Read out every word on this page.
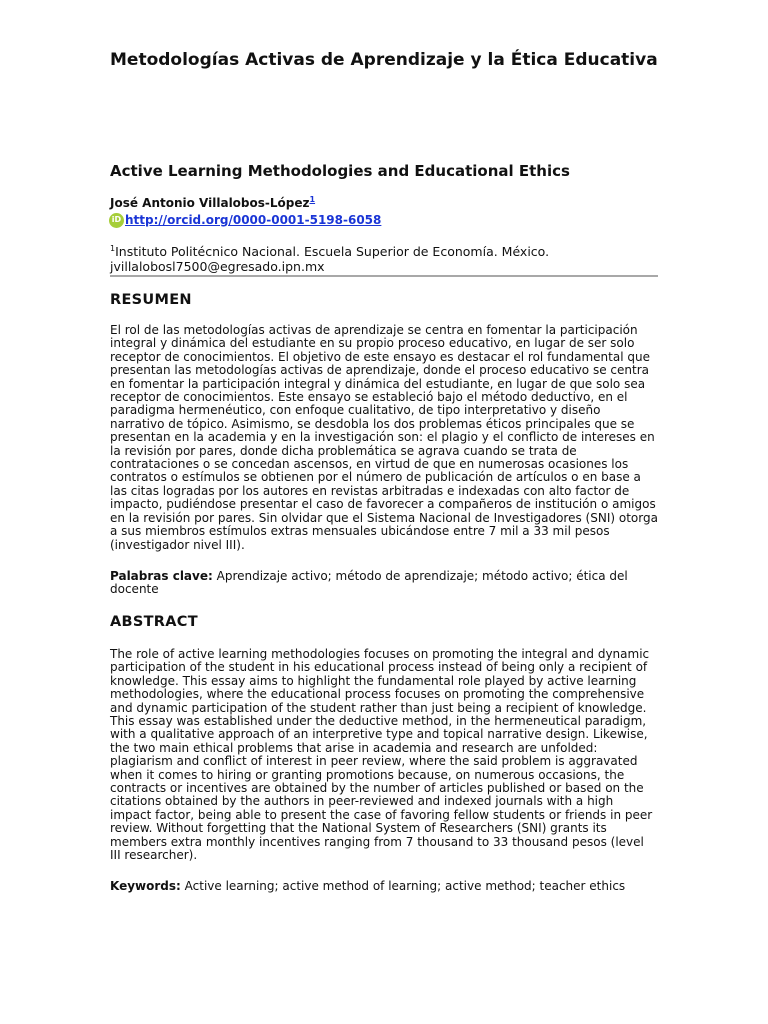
Metodologías Activas de Aprendizaje y la Ética Educativa
Active Learning Methodologies and Educational Ethics
José Antonio Villalobos-López$^1$
iD http://orcid.org/0000-0001-5198-6058
$^1$Instituto Politécnico Nacional. Escuela Superior de Economía. México.
jvillalobosl7500@egresado.ipn.mx
RESUMEN

El rol de las metodologías activas de aprendizaje se centra en fomentar la participación integral y dinámica del estudiante en su propio proceso educativo, en lugar de ser solo receptor de conocimientos. El objetivo de este ensayo es destacar el rol fundamental que presentan las metodologías activas de aprendizaje, donde el proceso educativo se centra en fomentar la participación integral y dinámica del estudiante, en lugar de que solo sea receptor de conocimientos. Este ensayo se estableció bajo el método deductivo, en el paradigma hermenéutico, con enfoque cualitativo, de tipo interpretativo y diseño narrativo de tópico. Asimismo, se desdobla los dos problemas éticos principales que se presentan en la academia y en la investigación son: el plagio y el conflicto de intereses en la revisión por pares, donde dicha problemática se agrava cuando se trata de contrataciones o se concedan ascensos, en virtud de que en numerosas ocasiones los contratos o estímulos se obtienen por el número de publicación de artículos o en base a las citas logradas por los autores en revistas arbitradas e indexadas con alto factor de impacto, pudiéndose presentar el caso de favorecer a compañeros de institución o amigos en la revisión por pares. Sin olvidar que el Sistema Nacional de Investigadores (SNI) otorga a sus miembros estímulos extras mensuales ubicándose entre 7 mil a 33 mil pesos (investigador nivel III).

Palabras clave: Aprendizaje activo; método de aprendizaje; método activo; ética del docente

ABSTRACT

The role of active learning methodologies focuses on promoting the integral and dynamic participation of the student in his educational process instead of being only a recipient of knowledge. This essay aims to highlight the fundamental role played by active learning methodologies, where the educational process focuses on promoting the comprehensive and dynamic participation of the student rather than just being a recipient of knowledge. This essay was established under the deductive method, in the hermeneutical paradigm, with a qualitative approach of an interpretive type and topical narrative design. Likewise, the two main ethical problems that arise in academia and research are unfolded: plagiarism and conflict of interest in peer review, where the said problem is aggravated when it comes to hiring or granting promotions because, on numerous occasions, the contracts or incentives are obtained by the number of articles published or based on the citations obtained by the authors in peer-reviewed and indexed journals with a high impact factor, being able to present the case of favoring fellow students or friends in peer review. Without forgetting that the National System of Researchers (SNI) grants its members extra monthly incentives ranging from 7 thousand to 33 thousand pesos (level III researcher).

Keywords: Active learning; active method of learning; active method; teacher ethics
